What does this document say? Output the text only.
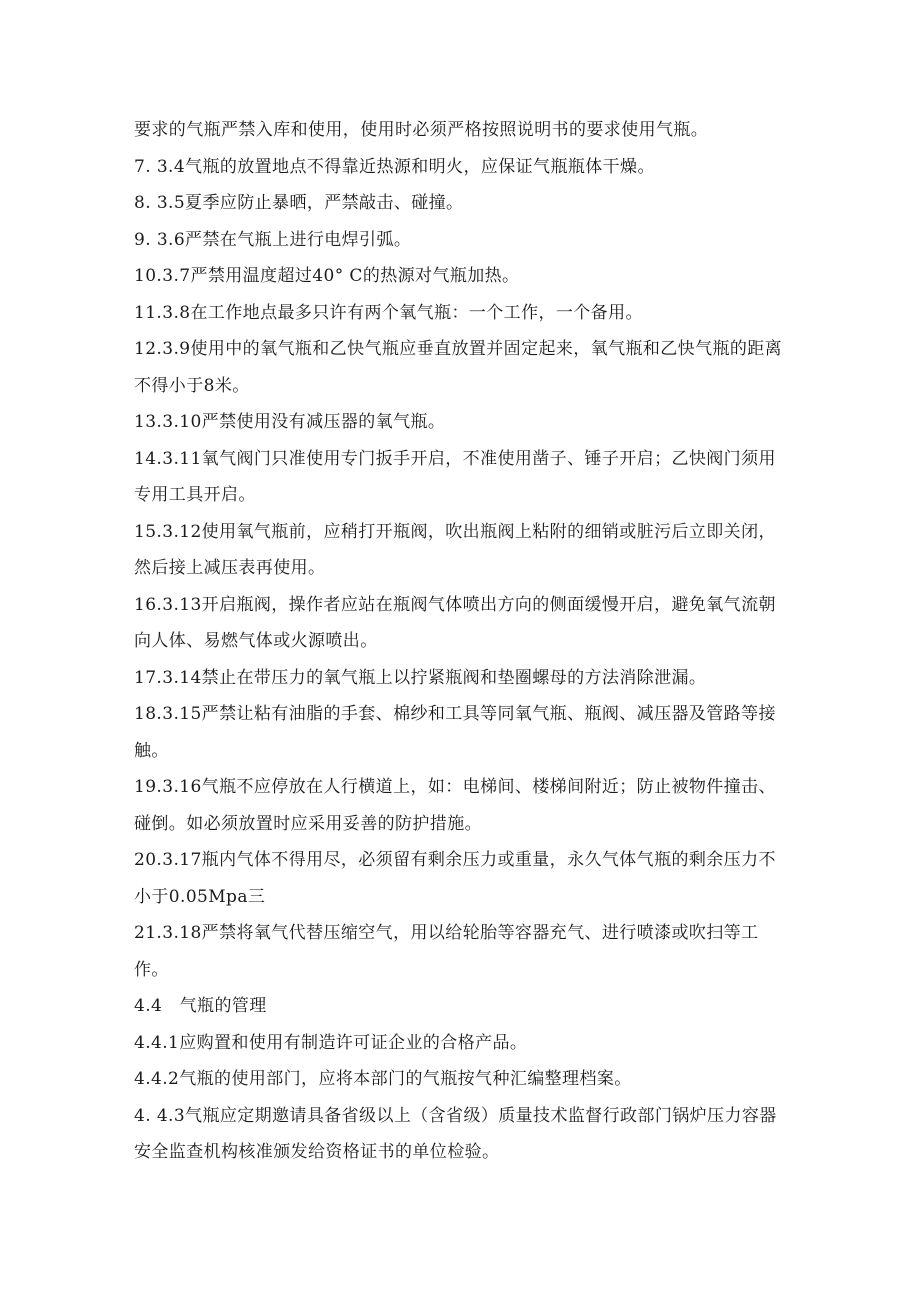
要求的气瓶严禁入库和使用，使用时必须严格按照说明书的要求使用气瓶。

7. 3.4气瓶的放置地点不得靠近热源和明火，应保证气瓶瓶体干燥。

8. 3.5夏季应防止暴晒，严禁敲击、碰撞。

9. 3.6严禁在气瓶上进行电焊引弧。

10.3.7严禁用温度超过40° C的热源对气瓶加热。

11.3.8在工作地点最多只许有两个氧气瓶：一个工作，一个备用。

12.3.9使用中的氧气瓶和乙快气瓶应垂直放置并固定起来，氧气瓶和乙快气瓶的距离不得小于8米。

13.3.10严禁使用没有减压器的氧气瓶。

14.3.11氧气阀门只准使用专门扳手开启，不准使用凿子、锤子开启；乙快阀门须用专用工具开启。

15.3.12使用氧气瓶前，应稍打开瓶阀，吹出瓶阀上粘附的细销或脏污后立即关闭，然后接上减压表再使用。

16.3.13开启瓶阀，操作者应站在瓶阀气体喷出方向的侧面缓慢开启，避免氧气流朝向人体、易燃气体或火源喷出。

17.3.14禁止在带压力的氧气瓶上以拧紧瓶阀和垫圈螺母的方法消除泄漏。

18.3.15严禁让粘有油脂的手套、棉纱和工具等同氧气瓶、瓶阀、减压器及管路等接触。

19.3.16气瓶不应停放在人行横道上，如：电梯间、楼梯间附近；防止被物件撞击、碰倒。如必须放置时应采用妥善的防护措施。

20.3.17瓶内气体不得用尽，必须留有剩余压力或重量，永久气体气瓶的剩余压力不小于0.05Mpa三

21.3.18严禁将氧气代替压缩空气，用以给轮胎等容器充气、进行喷漆或吹扫等工作。

4.4   气瓶的管理

4.4.1应购置和使用有制造许可证企业的合格产品。

4.4.2气瓶的使用部门，应将本部门的气瓶按气种汇编整理档案。

4. 4.3气瓶应定期邀请具备省级以上（含省级）质量技术监督行政部门锅炉压力容器安全监查机构核准颁发给资格证书的单位检验。
